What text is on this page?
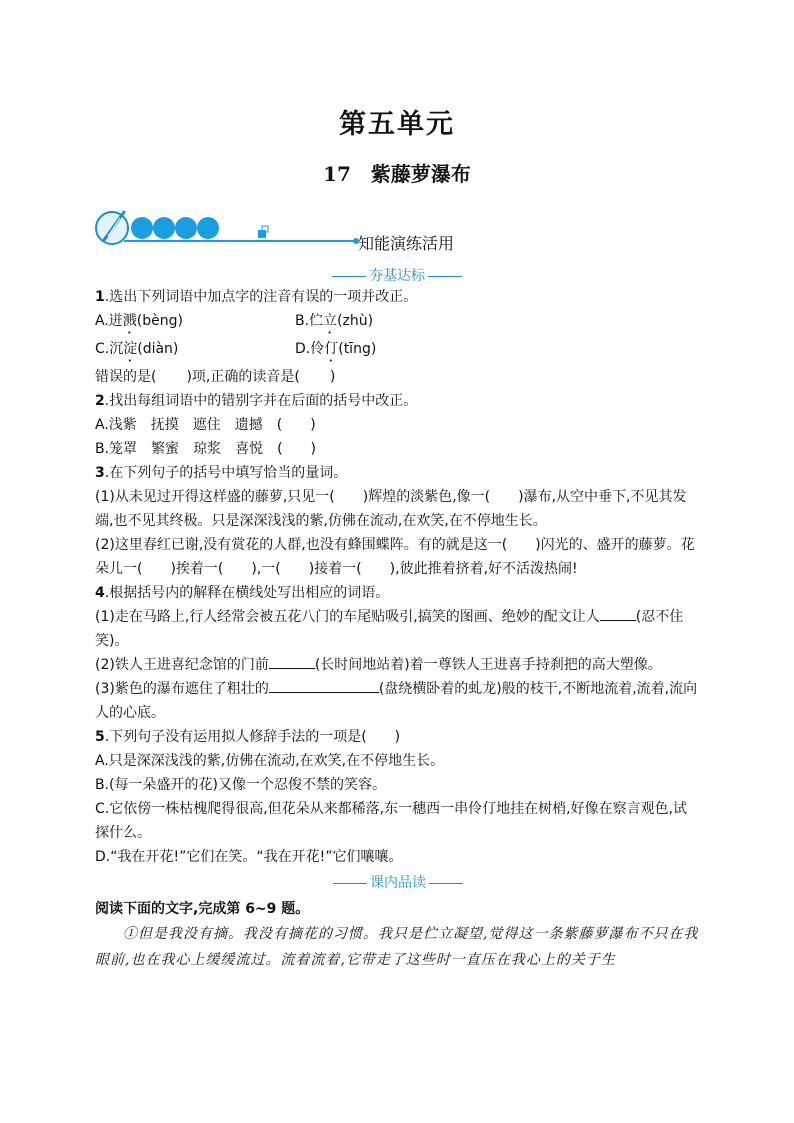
第五单元
17 紫藤萝瀑布
知能演练活用
夯基达标

1.选出下列词语中加点字的注音有误的一项并改正。

A.迸溅(bèng)	B.伫立(zhù)
C.沉淀(diàn)	D.伶仃(tīng)

错误的是( )项,正确的读音是( )

2.找出每组词语中的错别字并在后面的括号中改正。

A.浅紫 抚摸 遮住 遗撼 (　　)
B.笼罩 繁蜜 琼浆 喜悦 (　　)

3.在下列句子的括号中填写恰当的量词。

(1)从未见过开得这样盛的藤萝,只见一(　　)辉煌的淡紫色,像一(　　)瀑布,从空中垂下,不见其发端,也不见其终极。只是深深浅浅的紫,仿佛在流动,在欢笑,在不停地生长。

(2)这里春红已谢,没有赏花的人群,也没有蜂围蝶阵。有的就是这一(　　)闪光的、盛开的藤萝。花朵儿一(　　)挨着一(　　),一(　　)接着一(　　),彼此推着挤着,好不活泼热闹!

4.根据括号内的解释在横线处写出相应的词语。

(1)走在马路上,行人经常会被五花八门的车尾贴吸引,搞笑的图画、绝妙的配文让人	(忍不住笑)。

(2)铁人王进喜纪念馆的门前	(长时间地站着)着一尊铁人王进喜手持刹把的高大塑像。

(3)紫色的瀑布遮住了粗壮的	(盘绕横卧着的虬龙)般的枝干,不断地流着,流着,流向人的心底。

5.下列句子没有运用拟人修辞手法的一项是(　　)

A.只是深深浅浅的紫,仿佛在流动,在欢笑,在不停地生长。

B.(每一朵盛开的花)又像一个忍俊不禁的笑容。

C.它依傍一株枯槐爬得很高,但花朵从来都稀落,东一穗西一串伶仃地挂在树梢,好像在察言观色,试探什么。

D.“我在开花!”它们在笑。“我在开花!”它们嚷嚷。

课内品读

阅读下面的文字,完成第 6~9 题。

①但是我没有摘。我没有摘花的习惯。我只是伫立凝望,觉得这一条紫藤萝瀑布不只在我眼前,也在我心上缓缓流过。流着流着,它带走了这些时一直压在我心上的关于生
